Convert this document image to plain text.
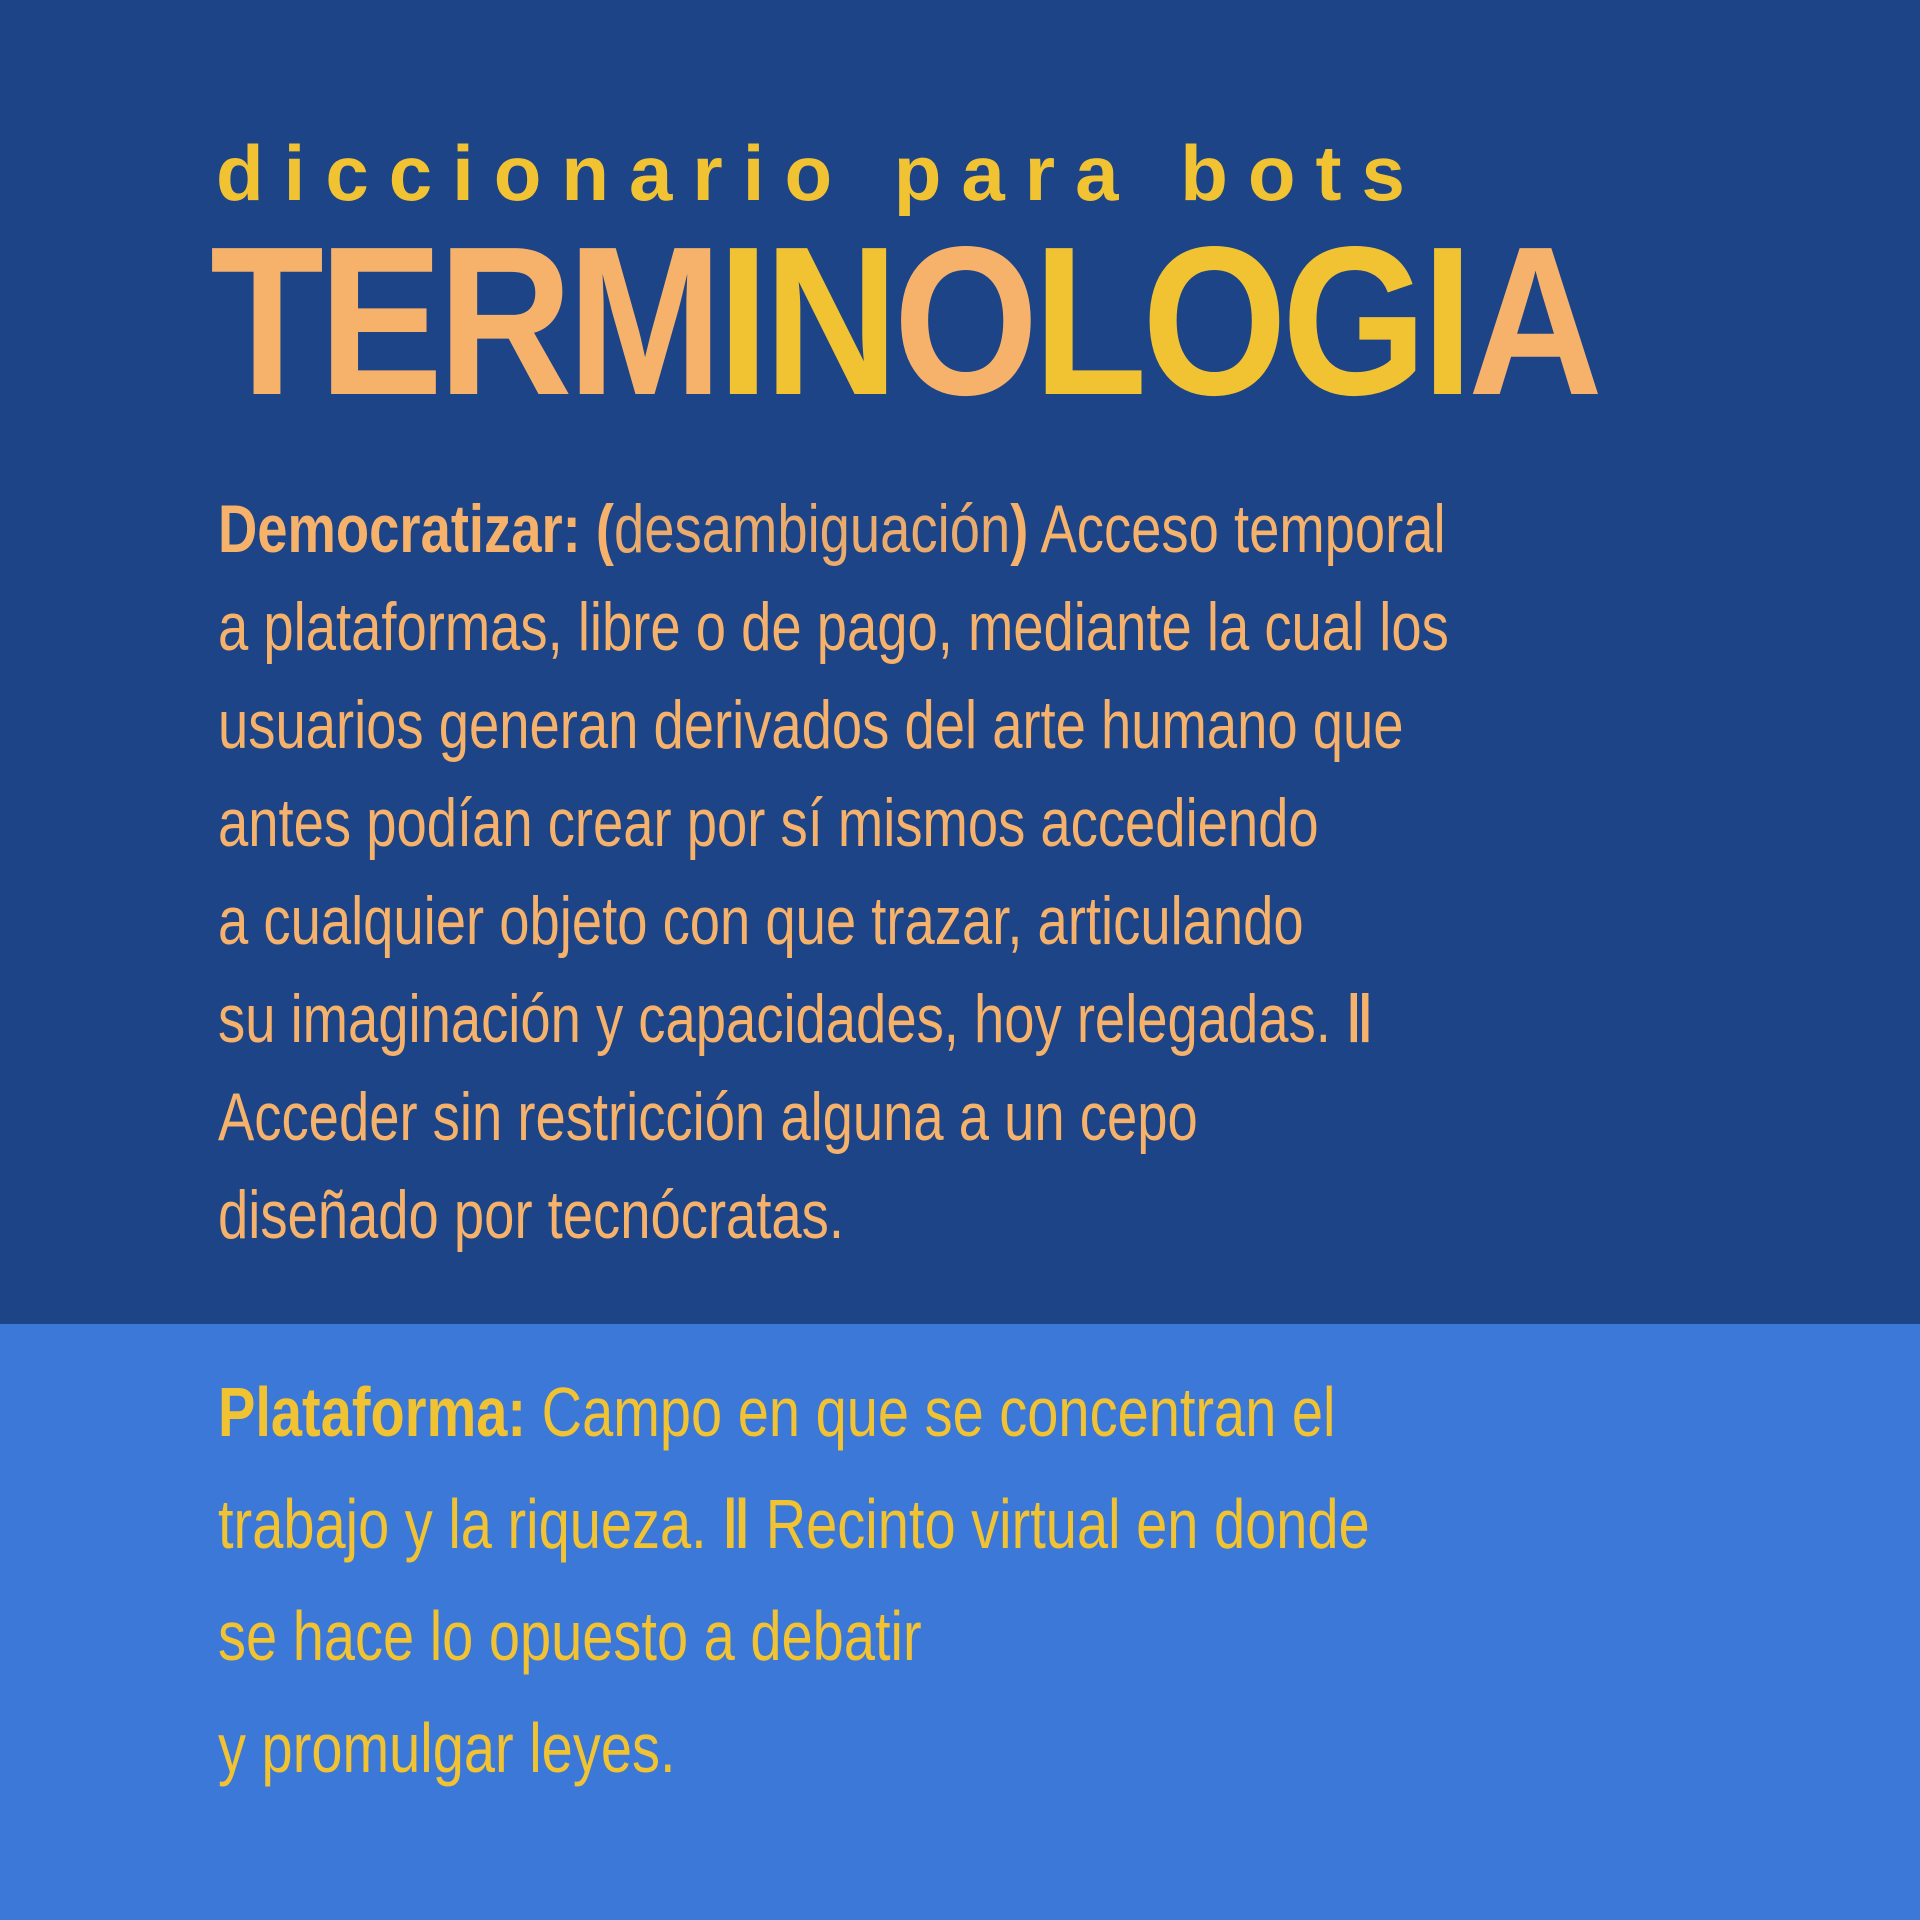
diccionario para bots
TERMINOLOGIA
Democratizar: (desambiguación) Acceso temporal
a plataformas, libre o de pago, mediante la cual los
usuarios generan derivados del arte humano que
antes podían crear por sí mismos accediendo
a cualquier objeto con que trazar, articulando
su imaginación y capacidades, hoy relegadas. ‖
Acceder sin restricción alguna a un cepo
diseñado por tecnócratas.
Plataforma: Campo en que se concentran el
trabajo y la riqueza. ‖ Recinto virtual en donde
se hace lo opuesto a debatir
y promulgar leyes.
